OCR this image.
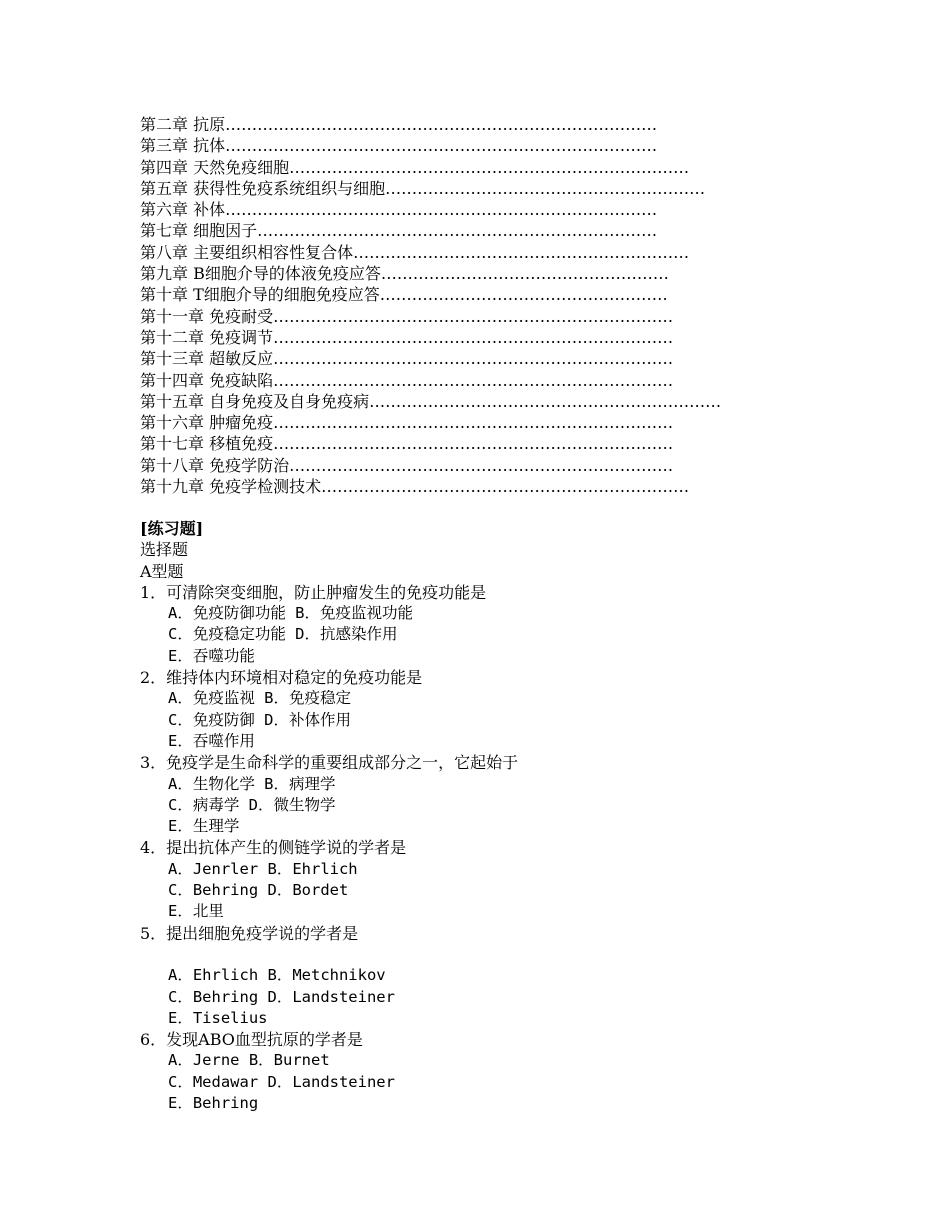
第二章 抗原………………………………………………………………………
第三章 抗体………………………………………………………………………
第四章 天然免疫细胞…………………………………………………………………
第五章 获得性免疫系统组织与细胞……………………………………………………
第六章 补体………………………………………………………………………
第七章 细胞因子…………………………………………………………………
第八章 主要组织相容性复合体………………………………………………………
第九章 B细胞介导的体液免疫应答………………………………………………
第十章 T细胞介导的细胞免疫应答………………………………………………
第十一章 免疫耐受…………………………………………………………………
第十二章 免疫调节…………………………………………………………………
第十三章 超敏反应…………………………………………………………………
第十四章 免疫缺陷…………………………………………………………………
第十五章 自身免疫及自身免疫病…………………………………………………………
第十六章 肿瘤免疫…………………………………………………………………
第十七章 移植免疫…………………………………………………………………
第十八章 免疫学防治………………………………………………………………
第十九章 免疫学检测技术……………………………………………………………
[练习题]
选择题
A型题
1．可清除突变细胞，防止肿瘤发生的免疫功能是
A．免疫防御功能 B．免疫监视功能
C．免疫稳定功能 D．抗感染作用
E．吞噬功能
2．维持体内环境相对稳定的免疫功能是
A．免疫监视 B．免疫稳定
C．免疫防御 D．补体作用
E．吞噬作用
3．免疫学是生命科学的重要组成部分之一，它起始于
A．生物化学 B．病理学
C．病毒学 D．微生物学
E．生理学
4．提出抗体产生的侧链学说的学者是
A．Jenrler B．Ehrlich
C．Behring D．Bordet
E．北里
5．提出细胞免疫学说的学者是
A．Ehrlich B．Metchnikov
C．Behring D．Landsteiner
E．Tiselius
6．发现ABO血型抗原的学者是
A．Jerne B．Burnet
C．Medawar D．Landsteiner
E．Behring
